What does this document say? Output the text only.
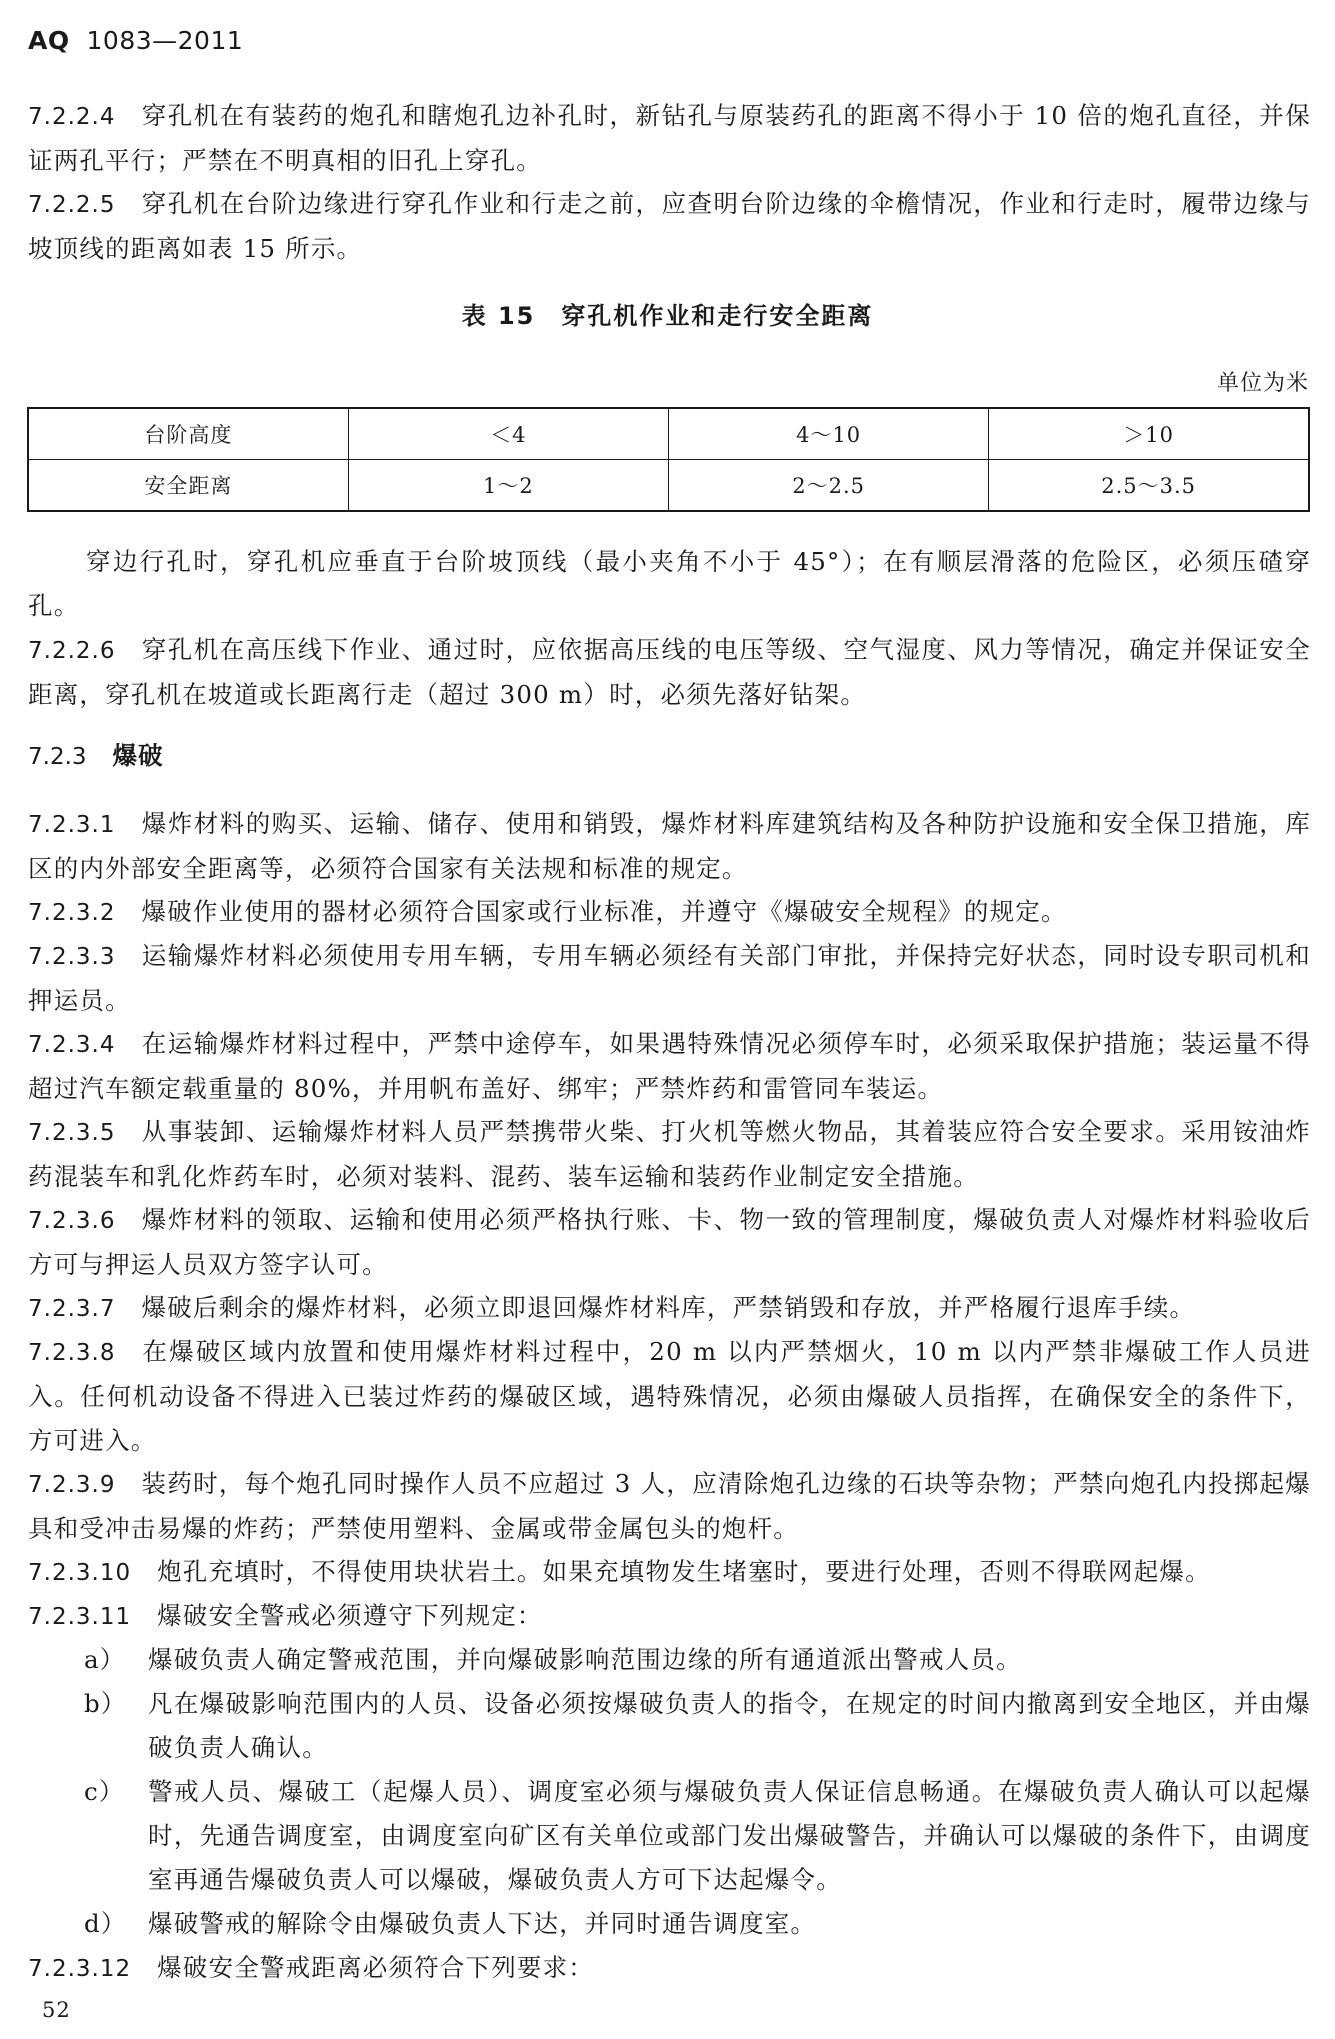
AQ 1083—2011

7.2.2.4 穿孔机在有装药的炮孔和瞎炮孔边补孔时，新钻孔与原装药孔的距离不得小于 10 倍的炮孔直径，并保证两孔平行；严禁在不明真相的旧孔上穿孔。

7.2.2.5 穿孔机在台阶边缘进行穿孔作业和行走之前，应查明台阶边缘的伞檐情况，作业和行走时，履带边缘与坡顶线的距离如表 15 所示。

表 15　穿孔机作业和走行安全距离
单位为米
台阶高度	＜4	4～10	＞10
安全距离	1～2	2～2.5	2.5～3.5

穿边行孔时，穿孔机应垂直于台阶坡顶线（最小夹角不小于 45°）；在有顺层滑落的危险区，必须压碴穿孔。

7.2.2.6 穿孔机在高压线下作业、通过时，应依据高压线的电压等级、空气湿度、风力等情况，确定并保证安全距离，穿孔机在坡道或长距离行走（超过 300 m）时，必须先落好钻架。

7.2.3 爆破

7.2.3.1 爆炸材料的购买、运输、储存、使用和销毁，爆炸材料库建筑结构及各种防护设施和安全保卫措施，库区的内外部安全距离等，必须符合国家有关法规和标准的规定。

7.2.3.2 爆破作业使用的器材必须符合国家或行业标准，并遵守《爆破安全规程》的规定。

7.2.3.3 运输爆炸材料必须使用专用车辆，专用车辆必须经有关部门审批，并保持完好状态，同时设专职司机和押运员。

7.2.3.4 在运输爆炸材料过程中，严禁中途停车，如果遇特殊情况必须停车时，必须采取保护措施；装运量不得超过汽车额定载重量的 80%，并用帆布盖好、绑牢；严禁炸药和雷管同车装运。

7.2.3.5 从事装卸、运输爆炸材料人员严禁携带火柴、打火机等燃火物品，其着装应符合安全要求。采用铵油炸药混装车和乳化炸药车时，必须对装料、混药、装车运输和装药作业制定安全措施。

7.2.3.6 爆炸材料的领取、运输和使用必须严格执行账、卡、物一致的管理制度，爆破负责人对爆炸材料验收后方可与押运人员双方签字认可。

7.2.3.7 爆破后剩余的爆炸材料，必须立即退回爆炸材料库，严禁销毁和存放，并严格履行退库手续。

7.2.3.8 在爆破区域内放置和使用爆炸材料过程中，20 m 以内严禁烟火，10 m 以内严禁非爆破工作人员进入。任何机动设备不得进入已装过炸药的爆破区域，遇特殊情况，必须由爆破人员指挥，在确保安全的条件下，方可进入。

7.2.3.9 装药时，每个炮孔同时操作人员不应超过 3 人，应清除炮孔边缘的石块等杂物；严禁向炮孔内投掷起爆具和受冲击易爆的炸药；严禁使用塑料、金属或带金属包头的炮杆。

7.2.3.10 炮孔充填时，不得使用块状岩土。如果充填物发生堵塞时，要进行处理，否则不得联网起爆。

7.2.3.11 爆破安全警戒必须遵守下列规定：

a） 爆破负责人确定警戒范围，并向爆破影响范围边缘的所有通道派出警戒人员。
b） 凡在爆破影响范围内的人员、设备必须按爆破负责人的指令，在规定的时间内撤离到安全地区，并由爆破负责人确认。
c） 警戒人员、爆破工（起爆人员）、调度室必须与爆破负责人保证信息畅通。在爆破负责人确认可以起爆时，先通告调度室，由调度室向矿区有关单位或部门发出爆破警告，并确认可以爆破的条件下，由调度室再通告爆破负责人可以爆破，爆破负责人方可下达起爆令。
d） 爆破警戒的解除令由爆破负责人下达，并同时通告调度室。

7.2.3.12 爆破安全警戒距离必须符合下列要求：

52
